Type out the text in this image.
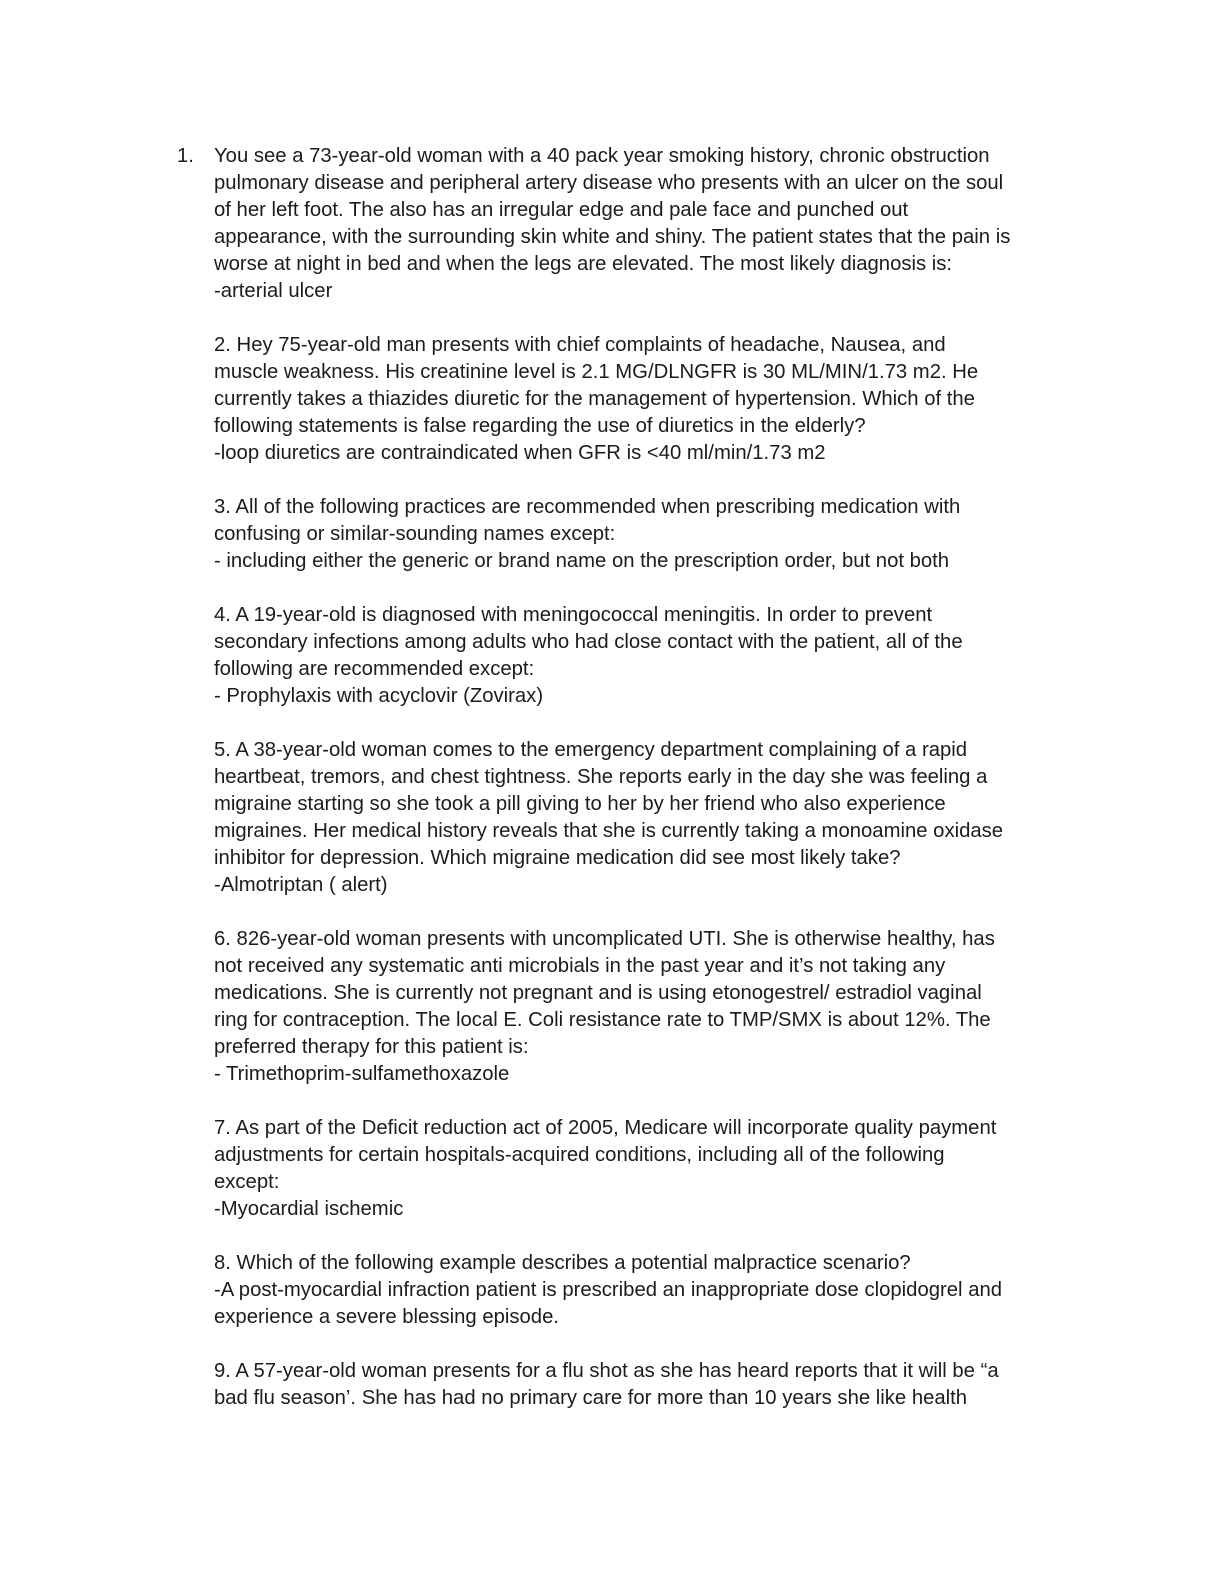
1. You see a 73-year-old woman with a 40 pack year smoking history, chronic obstruction
pulmonary disease and peripheral artery disease who presents with an ulcer on the soul
of her left foot. The also has an irregular edge and pale face and punched out
appearance, with the surrounding skin white and shiny. The patient states that the pain is
worse at night in bed and when the legs are elevated. The most likely diagnosis is:
-arterial ulcer
2. Hey 75-year-old man presents with chief complaints of headache, Nausea, and
muscle weakness. His creatinine level is 2.1 MG/DLNGFR is 30 ML/MIN/1.73 m2. He
currently takes a thiazides diuretic for the management of hypertension. Which of the
following statements is false regarding the use of diuretics in the elderly?
-loop diuretics are contraindicated when GFR is <40 ml/min/1.73 m2
3. All of the following practices are recommended when prescribing medication with
confusing or similar-sounding names except:
- including either the generic or brand name on the prescription order, but not both
4. A 19-year-old is diagnosed with meningococcal meningitis. In order to prevent
secondary infections among adults who had close contact with the patient, all of the
following are recommended except:
- Prophylaxis with acyclovir (Zovirax)
5. A 38-year-old woman comes to the emergency department complaining of a rapid
heartbeat, tremors, and chest tightness. She reports early in the day she was feeling a
migraine starting so she took a pill giving to her by her friend who also experience
migraines. Her medical history reveals that she is currently taking a monoamine oxidase
inhibitor for depression. Which migraine medication did see most likely take?
-Almotriptan ( alert)
6. 826-year-old woman presents with uncomplicated UTI. She is otherwise healthy, has
not received any systematic anti microbials in the past year and it’s not taking any
medications. She is currently not pregnant and is using etonogestrel/ estradiol vaginal
ring for contraception. The local E. Coli resistance rate to TMP/SMX is about 12%. The
preferred therapy for this patient is:
- Trimethoprim-sulfamethoxazole
7. As part of the Deficit reduction act of 2005, Medicare will incorporate quality payment
adjustments for certain hospitals-acquired conditions, including all of the following
except:
-Myocardial ischemic
8. Which of the following example describes a potential malpractice scenario?
-A post-myocardial infraction patient is prescribed an inappropriate dose clopidogrel and
experience a severe blessing episode.
9. A 57-year-old woman presents for a flu shot as she has heard reports that it will be “a
bad flu season’. She has had no primary care for more than 10 years she like health
